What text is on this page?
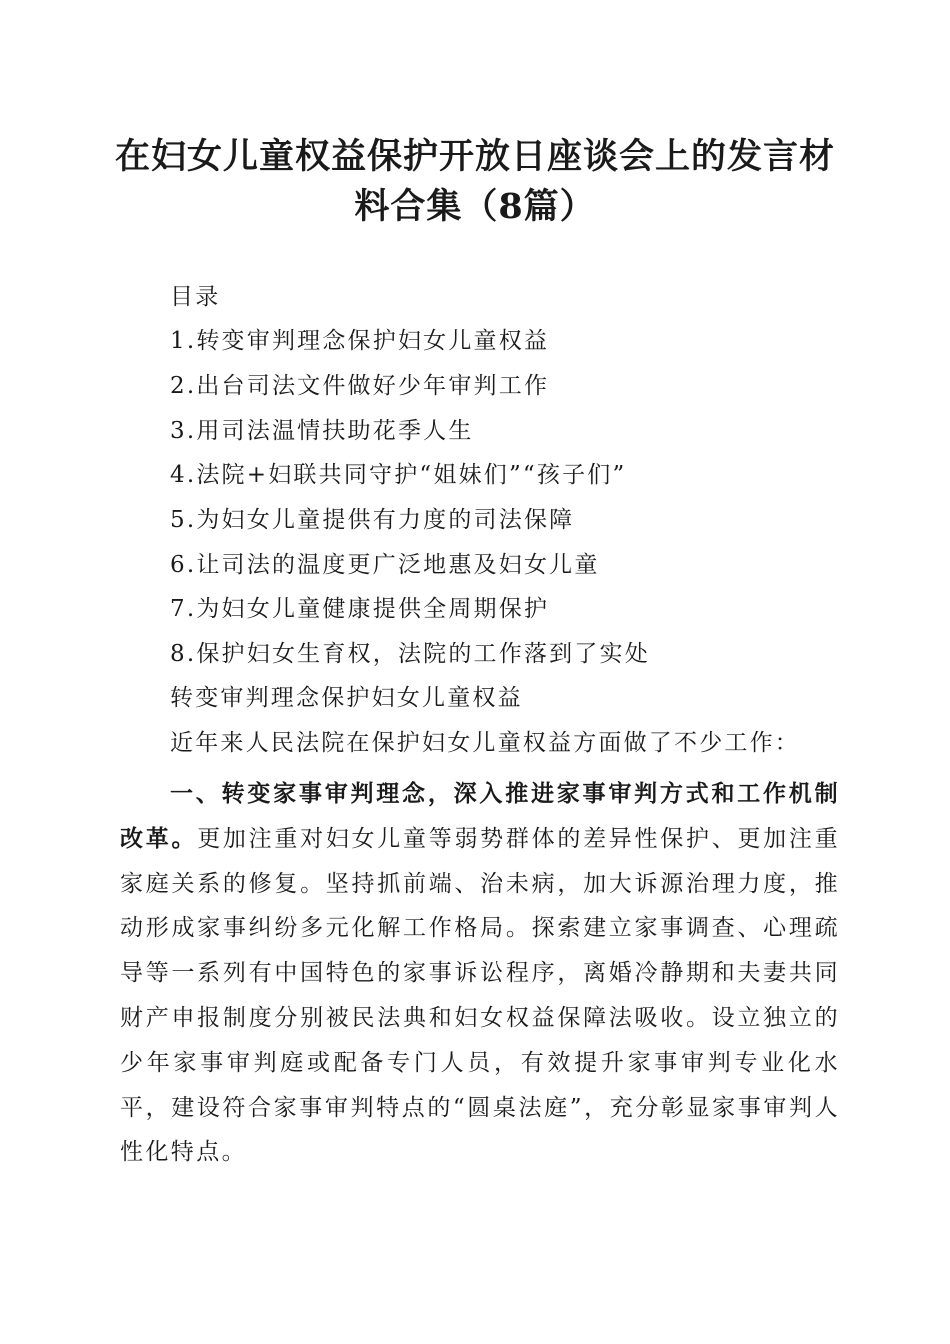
在妇女儿童权益保护开放日座谈会上的发言材料合集（8篇）
目录
1.转变审判理念保护妇女儿童权益
2.出台司法文件做好少年审判工作
3.用司法温情扶助花季人生
4.法院+妇联共同守护“姐妹们”“孩子们”
5.为妇女儿童提供有力度的司法保障
6.让司法的温度更广泛地惠及妇女儿童
7.为妇女儿童健康提供全周期保护
8.保护妇女生育权，法院的工作落到了实处
转变审判理念保护妇女儿童权益
近年来人民法院在保护妇女儿童权益方面做了不少工作：

一、转变家事审判理念，深入推进家事审判方式和工作机制改革。更加注重对妇女儿童等弱势群体的差异性保护、更加注重家庭关系的修复。坚持抓前端、治未病，加大诉源治理力度，推动形成家事纠纷多元化解工作格局。探索建立家事调查、心理疏导等一系列有中国特色的家事诉讼程序，离婚冷静期和夫妻共同财产申报制度分别被民法典和妇女权益保障法吸收。设立独立的少年家事审判庭或配备专门人员，有效提升家事审判专业化水平，建设符合家事审判特点的“圆桌法庭”，充分彰显家事审判人性化特点。
